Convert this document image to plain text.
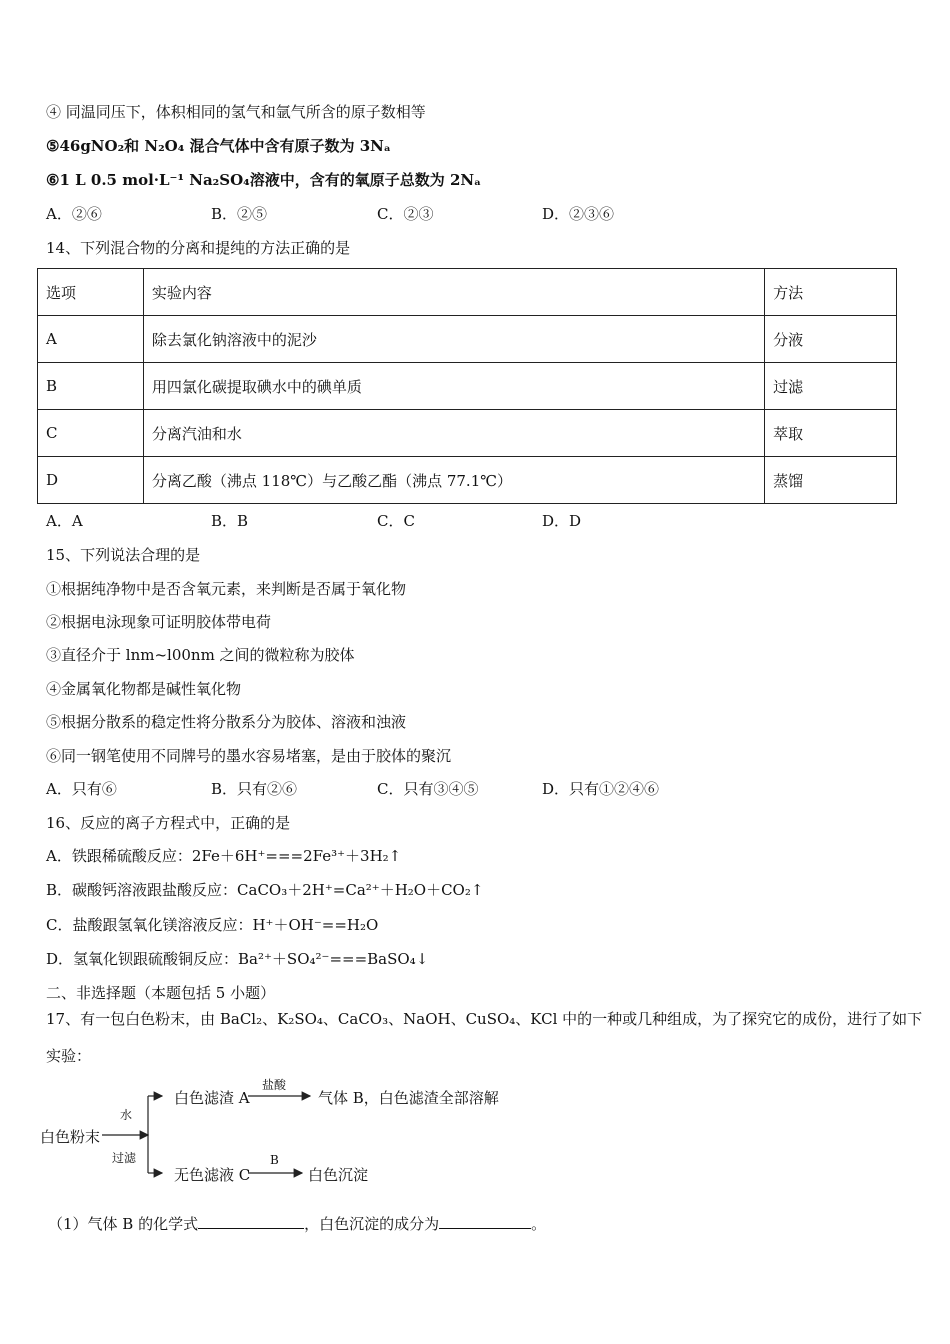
④ 同温同压下，体积相同的氢气和氩气所含的原子数相等
⑤46gNO₂和 N₂O₄ 混合气体中含有原子数为 3Nₐ
⑥1 L 0.5 mol·L⁻¹ Na₂SO₄溶液中，含有的氧原子总数为 2Nₐ
A．②⑥	B．②⑤	C．②③	D．②③⑥
14、下列混合物的分离和提纯的方法正确的是
选项	实验内容	方法
A	除去氯化钠溶液中的泥沙	分液
B	用四氯化碳提取碘水中的碘单质	过滤
C	分离汽油和水	萃取
D	分离乙酸（沸点 118℃）与乙酸乙酯（沸点 77.1℃）	蒸馏
A．A	B．B	C．C	D．D
15、下列说法合理的是
①根据纯净物中是否含氧元素，来判断是否属于氧化物
②根据电泳现象可证明胶体带电荷
③直径介于 lnm~l00nm 之间的微粒称为胶体
④金属氧化物都是碱性氧化物
⑤根据分散系的稳定性将分散系分为胶体、溶液和浊液
⑥同一钢笔使用不同牌号的墨水容易堵塞，是由于胶体的聚沉
A．只有⑥	B．只有②⑥	C．只有③④⑤	D．只有①②④⑥
16、反应的离子方程式中，正确的是
A．铁跟稀硫酸反应：2Fe＋6H⁺===2Fe³⁺＋3H₂↑
B．碳酸钙溶液跟盐酸反应：CaCO₃＋2H⁺=Ca²⁺＋H₂O＋CO₂↑
C．盐酸跟氢氧化镁溶液反应：H⁺＋OH⁻==H₂O
D．氢氧化钡跟硫酸铜反应：Ba²⁺＋SO₄²⁻===BaSO₄↓
二、非选择题（本题包括 5 小题）
17、有一包白色粉末，由 BaCl₂、K₂SO₄、CaCO₃、NaOH、CuSO₄、KCl 中的一种或几种组成，为了探究它的成份，进行了如下
实验：
白色粉末
水
过滤
白色滤渣 A
盐酸
气体 B，白色滤渣全部溶解
无色滤液 C
B
白色沉淀
（1）气体 B 的化学式	，白色沉淀的成分为	。
